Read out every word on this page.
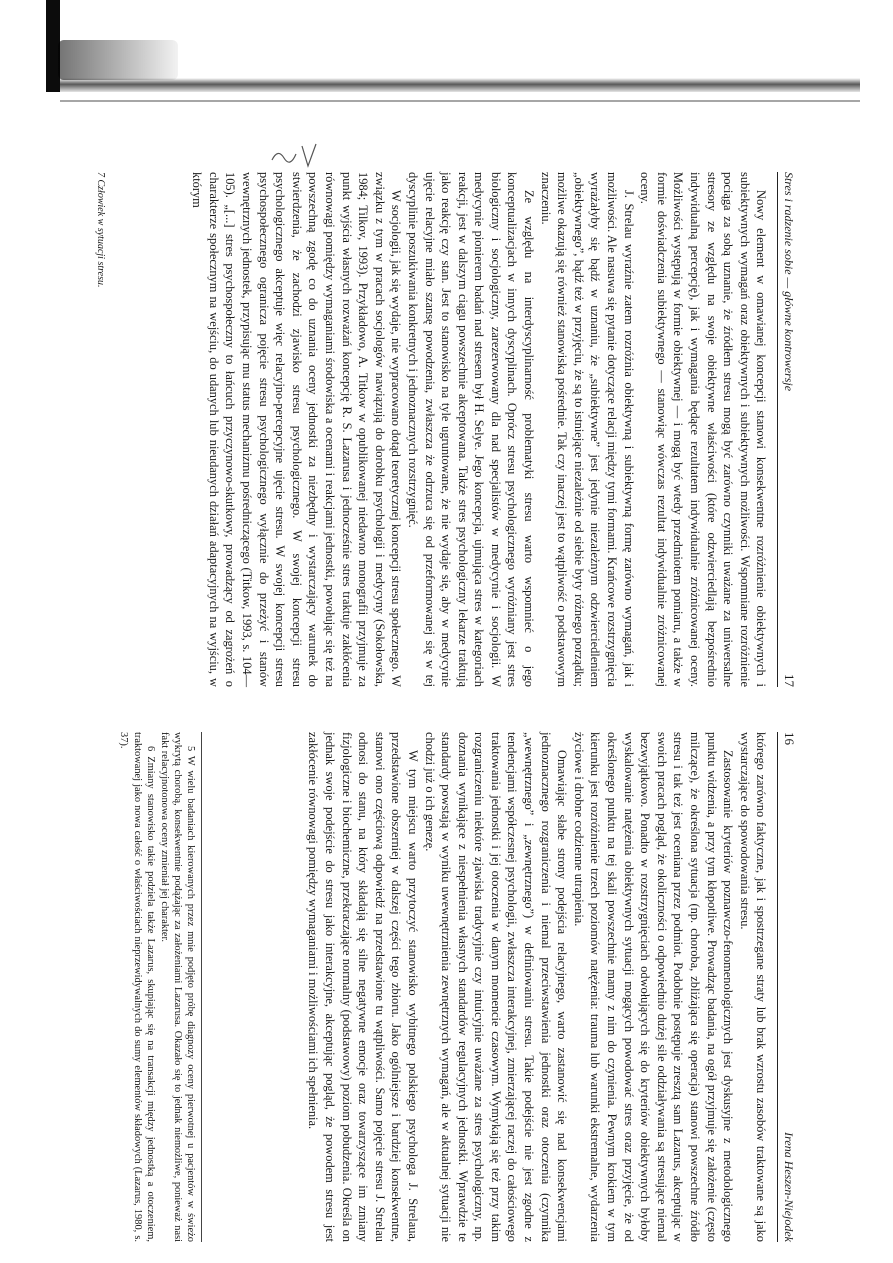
Stres i radzenie sobie — główne kontrowersje
17

Nowy element w omawianej koncepcji stanowi konsekwentne rozróżnienie obiektywnych i subiektywnych wymagań oraz obiektywnych i subiektywnych możliwości. Wspomniane rozróżnienie pociąga za sobą uznanie, że źródłem stresu mogą być zarówno czynniki uważane za uniwersalne stresory ze względu na swoje obiektywne właściwości (które odzwierciedlają bezpośrednio indywidualną percepcję), jak i wymagania będące rezultatem indywidualnie zróżnicowanej oceny. Możliwości występują w formie obiektywnej — i mogą być wtedy przedmiotem pomiaru, a także w formie doświadczenia subiektywnego — stanowiąc wówczas rezultat indywidualnie zróżnicowanej oceny.

J. Strelau wyraźnie zatem rozróżnia obiektywną i subiektywną formę zarówno wymagań, jak i możliwości. Ale nasuwa się pytanie dotyczące relacji między tymi formami. Krańcowe rozstrzygnięcia wyrażałyby się bądź w uznaniu, że „subiektywne” jest jedynie niezależnym odzwierciedleniem „obiektywnego”, bądź też w przyjęciu, że są to istniejące niezależnie od siebie byty różnego porządku; możliwe okazują się również stanowiska pośrednie. Tak czy inaczej jest to wątpliwość o podstawowym znaczeniu.

Ze względu na interdyscyplinarność problematyki stresu warto wspomnieć o jego konceptualizacjach w innych dyscyplinach. Oprócz stresu psychologicznego wyróżniany jest stres biologiczny i socjologiczny, zarezerwowany dla nad specjalistów w medycynie i socjologii. W medycynie pionierem badań nad stresem był H. Selye. Jego koncepcja, ujmująca stres w kategoriach reakcji, jest w dalszym ciągu powszechnie akceptowana. Także stres psychologiczny lekarze traktują jako reakcję czy stan. Jest to stanowisko na tyle ugruntowane, że nie wydaje się, aby w medycynie ujęcie relacyjne miało szansę powodzenia, zwłaszcza że odrzuca się od przeformowanej się w tej dyscyplinie poszukiwania konkretnych i jednoznacznych rozstrzygnięć.

W socjologii, jak się wydaje, nie wypracowano dotąd teoretycznej koncepcji stresu społecznego. W związku z tym w pracach socjologów nawiązują do dorobku psychologii i medycyny (Sokołowska, 1984; Tilkov, 1993). Przykładowo, A. Titkow w opublikowanej niedawno monografii przyjmuje za punkt wyjścia własnych rozważań koncepcję R. S. Lazarusa i jednocześnie stres traktuje zakłócenia równowagi pomiędzy wymaganiami środowiska a ocenami i reakcjami jednostki, powołując się też na powszechną zgodę co do uznania oceny jednostki za niezbędny i wystarczający warunek do stwierdzenia, że zachodzi zjawisko stresu psychologicznego. W swojej koncepcji stresu psychologicznego akceptuje więc relacyjno-percepcyjne ujęcie stresu. W swojej koncepcji stresu psychospołecznego ogranicza pojęcie stresu psychologicznego wyłącznie do przeżyć i stanów wewnętrznych jednostek, przypisując mu status mechanizmu pośredniczącego (Titkow, 1993, s. 104—105). „[...] stres psychospołeczny to łańcuch przyczynowo-skutkowy, prowadzący od zagrożeń o charakterze społecznym na wejściu, do udanych lub nieudanych działań adaptacyjnych na wyjściu, w którym

7 Człowiek w sytuacji stresu.
16
Irena Heszen-Niejodek

którego zarówno faktyczne, jak i spostrzegane straty lub brak wzrostu zasobów traktowane są jako wystarczające do spowodowania stresu.

Zastosowanie kryteriów poznawczo-fenomenologicznych jest dyskusyjne z metodologicznego punktu widzenia, a przy tym kłopotliwe. Prowadząc badania, na ogół przyjmuje się założenie (często milczące), że określona sytuacja (np. choroba, zbliżająca się operacja) stanowi powszechne źródło stresu i tak też jest oceniana przez podmiot. Podobnie postępuje zresztą sam Lazarus, akceptując w swoich pracach pogląd, że okoliczności o odpowiednio dużej sile oddziaływania są stresujące niemal bezwyjątkowo. Ponadto w rozstrzygnięciach odwołujących się do kryteriów obiektywnych byłoby wyskalowanie natężenia obiektywnych sytuacji mogących powodować stres oraz przyjęcie, że od określonego punktu na tej skali powszechnie mamy z nim do czynienia. Pewnym krokiem w tym kierunku jest rozróżnienie trzech poziomów natężenia: trauma lub warunki ekstremalne, wydarzenia życiowe i drobne codzienne utrapienia.

Omawiając słabe strony podejścia relacyjnego, warto zastanowić się nad konsekwencjami jednoznacznego rozgraniczenia i niemal przeciwstawienia jednostki oraz otoczenia (czynnika „wewnętrznego” i „zewnętrznego”) w definiowaniu stresu. Takie podejście nie jest zgodne z tendencjami współczesnej psychologii, zwłaszcza interakcyjnej, zmierzającej raczej do całościowego traktowania jednostki i jej otoczenia w danym momencie czasowym. Wymykają się też przy takim rozgraniczeniu niektóre zjawiska tradycyjnie czy intuicyjnie uważane za stres psychologiczny, np. doznania wynikające z niespełnienia własnych standardów regulacyjnych jednostki. Wprawdzie te standardy powstają w wyniku uwewnętrznienia zewnętrznych wymagań, ale w aktualnej sytuacji nie chodzi już o ich genezę.

W tym miejscu warto przytoczyć stanowisko wybitnego polskiego psychologa J. Strelaua, przedstawione obszerniej w dalszej części tego zbioru. Jako ogólniejsze i bardziej konsekwentne, stanowi ono częściową odpowiedź na przedstawione tu wątpliwości. Samo pojęcie stresu J. Strelau odnosi do stanu, na który składają się silne negatywne emocje oraz towarzyszące im zmiany fizjologiczne i biochemiczne, przekraczające normalny (podstawowy) poziom pobudzenia. Określa on jednak swoje podejście do stresu jako interakcyjne, akceptując pogląd, że powodem stresu jest zakłócenie równowagi pomiędzy wymaganiami i możliwościami ich spełnienia.

5 W wielu badaniach kierowanych przez mnie podjęto próbę diagnozy oceny pierwotnej u pacjentów w świeżo wykrytą chorobą, konsekwentnie podążając za założeniami Lazarusa. Okazało się to jednak niemożliwe, ponieważ nasi fakt relacyjnotonowa oceny zmieniał jej charakter.

6 Zmiany stanowisko takie podziela także Lazarus, skupiając się na transakcji między jednostką a otoczeniem, traktowanej jako nowa całość o właściwościach nieprzewidywalnych do sumy elementów składowych (Lazarus, 1980, s. 37).
